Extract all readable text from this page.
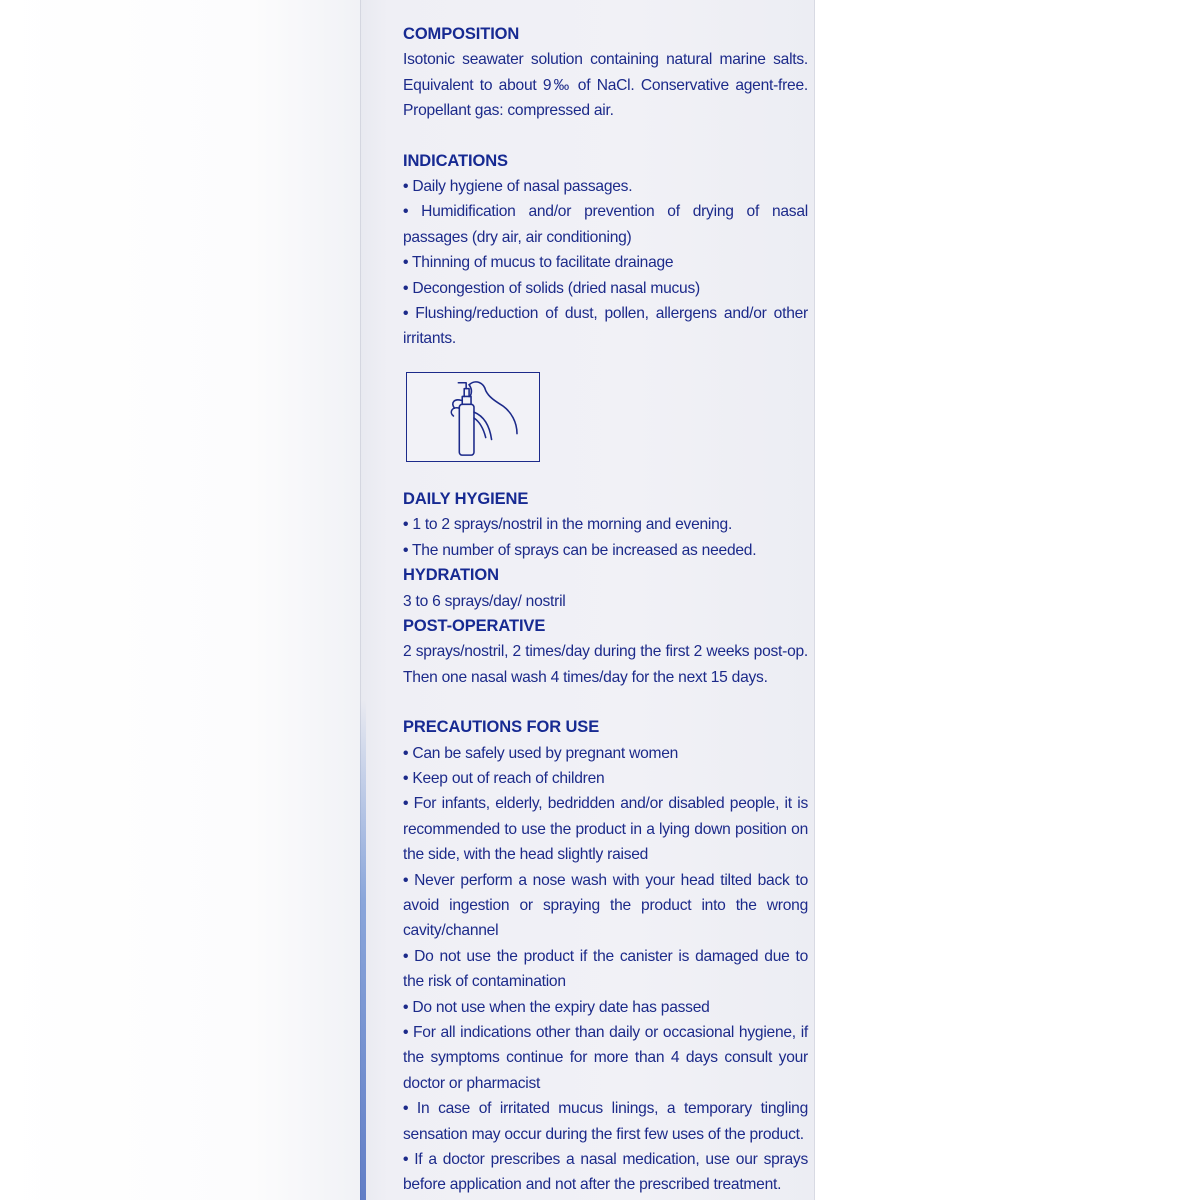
COMPOSITION
Isotonic seawater solution containing natural marine salts. Equivalent to about 9‰ of NaCl. Conservative agent-free. Propellant gas: compressed air.
INDICATIONS
• Daily hygiene of nasal passages.
• Humidification and/or prevention of drying of nasal passages (dry air, air conditioning)
• Thinning of mucus to facilitate drainage
• Decongestion of solids (dried nasal mucus)
• Flushing/reduction of dust, pollen, allergens and/or other irritants.
DAILY HYGIENE
• 1 to 2 sprays/nostril in the morning and evening.
• The number of sprays can be increased as needed.
HYDRATION
3 to 6 sprays/day/ nostril
POST-OPERATIVE
2 sprays/nostril, 2 times/day during the first 2 weeks post-op. Then one nasal wash 4 times/day for the next 15 days.
PRECAUTIONS FOR USE
• Can be safely used by pregnant women
• Keep out of reach of children
• For infants, elderly, bedridden and/or disabled people, it is recommended to use the product in a lying down position on the side, with the head slightly raised
• Never perform a nose wash with your head tilted back to avoid ingestion or spraying the product into the wrong cavity/channel
• Do not use the product if the canister is damaged due to the risk of contamination
• Do not use when the expiry date has passed
• For all indications other than daily or occasional hygiene, if the symptoms continue for more than 4 days consult your doctor or pharmacist
• In case of irritated mucus linings, a temporary tingling sensation may occur during the first few uses of the product.
• If a doctor prescribes a nasal medication, use our sprays before application and not after the prescribed treatment.
